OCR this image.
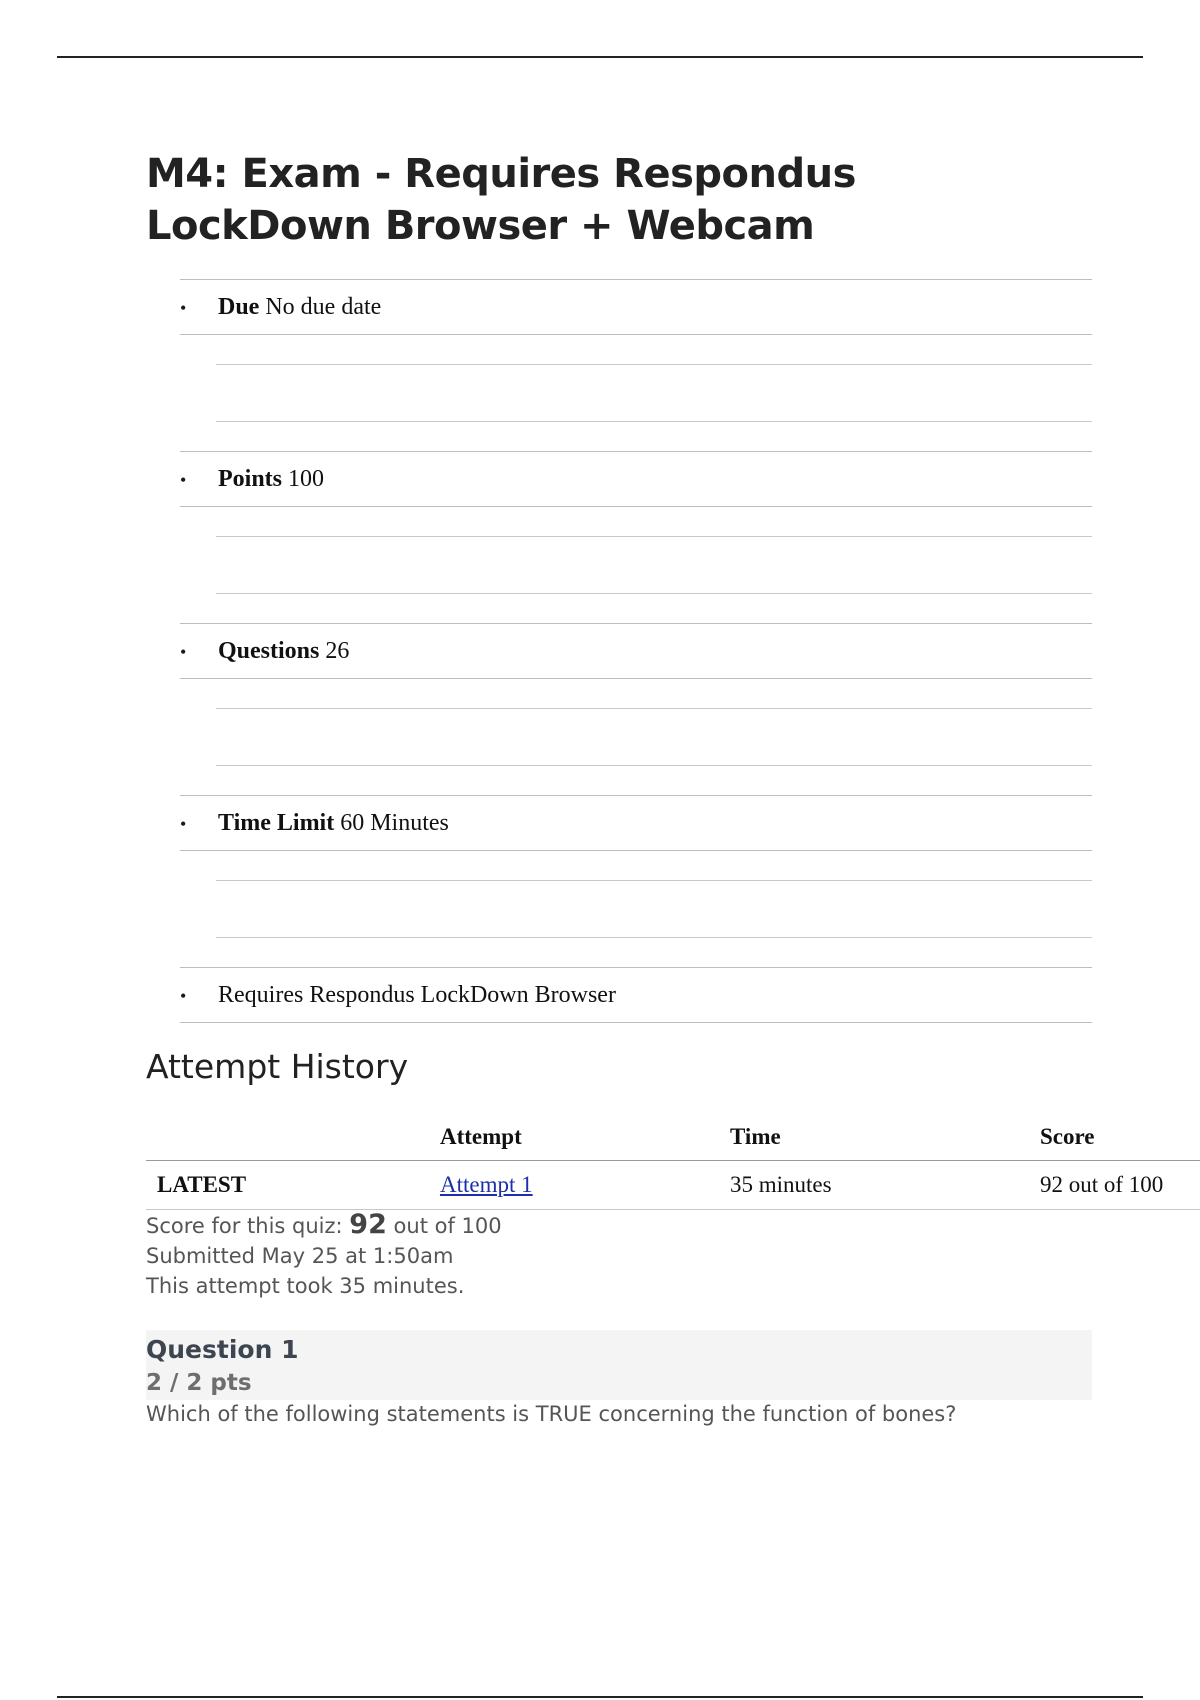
M4: Exam - Requires Respondus LockDown Browser + Webcam
•	Due No due date
•	Points 100
•	Questions 26
•	Time Limit 60 Minutes
•	Requires Respondus LockDown Browser
Attempt History
	Attempt	Time	Score
LATEST	Attempt 1	35 minutes	92 out of 100
Score for this quiz: 92 out of 100
Submitted May 25 at 1:50am
This attempt took 35 minutes.
Question 1
2 / 2 pts
Which of the following statements is TRUE concerning the function of bones?
